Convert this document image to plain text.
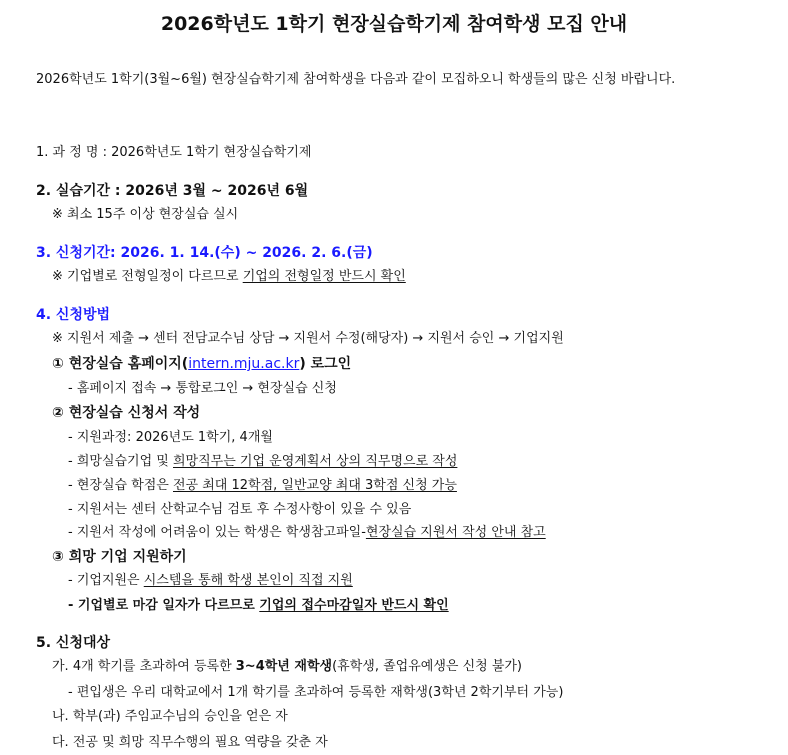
2026학년도 1학기 현장실습학기제 참여학생 모집 안내
2026학년도 1학기(3월~6월) 현장실습학기제 참여학생을 다음과 같이 모집하오니 학생들의 많은 신청 바랍니다.
1. 과 정 명 : 2026학년도 1학기 현장실습학기제
2. 실습기간 : 2026년 3월 ~ 2026년 6월
※ 최소 15주 이상 현장실습 실시
3. 신청기간: 2026. 1. 14.(수) ~ 2026. 2. 6.(금)
※ 기업별로 전형일정이 다르므로 기업의 전형일정 반드시 확인
4. 신청방법
※ 지원서 제출 → 센터 전담교수님 상담 → 지원서 수정(해당자) → 지원서 승인 → 기업지원
① 현장실습 홈페이지(intern.mju.ac.kr) 로그인
- 홈페이지 접속 → 통합로그인 → 현장실습 신청
② 현장실습 신청서 작성
- 지원과정: 2026년도 1학기, 4개월
- 희망실습기업 및 희망직무는 기업 운영계획서 상의 직무명으로 작성
- 현장실습 학점은 전공 최대 12학점, 일반교양 최대 3학점 신청 가능
- 지원서는 센터 산학교수님 검토 후 수정사항이 있을 수 있음
- 지원서 작성에 어려움이 있는 학생은 학생참고파일-현장실습 지원서 작성 안내 참고
③ 희망 기업 지원하기
- 기업지원은 시스템을 통해 학생 본인이 직접 지원
- 기업별로 마감 일자가 다르므로 기업의 접수마감일자 반드시 확인
5. 신청대상
가. 4개 학기를 초과하여 등록한 3~4학년 재학생(휴학생, 졸업유예생은 신청 불가)
- 편입생은 우리 대학교에서 1개 학기를 초과하여 등록한 재학생(3학년 2학기부터 가능)
나. 학부(과) 주임교수님의 승인을 얻은 자
다. 전공 및 희망 직무수행의 필요 역량을 갖춘 자
